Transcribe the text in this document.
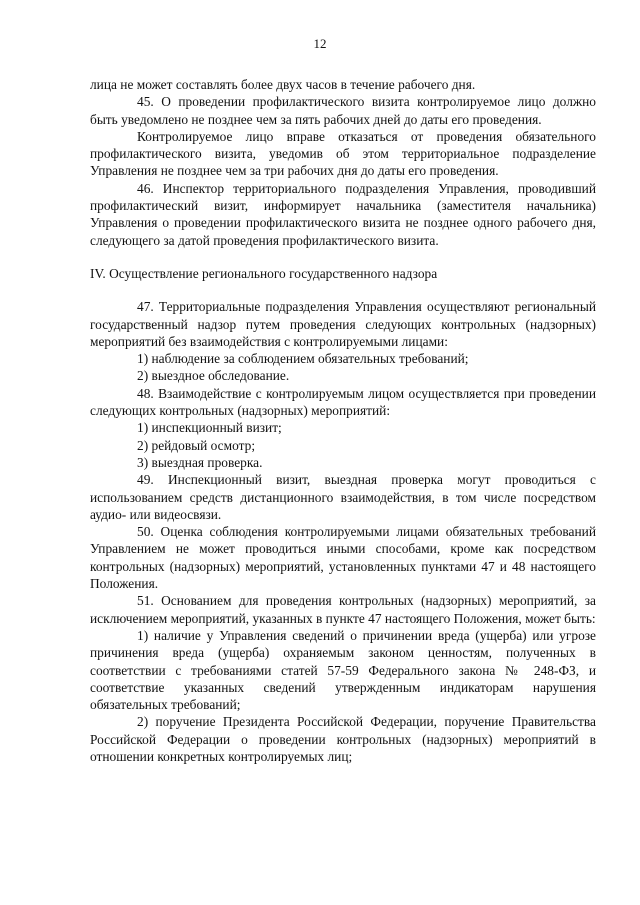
12

лица не может составлять более двух часов в течение рабочего дня.

45. О проведении профилактического визита контролируемое лицо должно быть уведомлено не позднее чем за пять рабочих дней до даты его проведения.

Контролируемое лицо вправе отказаться от проведения обязательного профилактического визита, уведомив об этом территориальное подразделение Управления не позднее чем за три рабочих дня до даты его проведения.

46. Инспектор территориального подразделения Управления, проводивший профилактический визит, информирует начальника (заместителя начальника) Управления о проведении профилактического визита не позднее одного рабочего дня, следующего за датой проведения профилактического визита.

IV. Осуществление регионального государственного надзора

47. Территориальные подразделения Управления осуществляют региональный государственный надзор путем проведения следующих контрольных (надзорных) мероприятий без взаимодействия с контролируемыми лицами:

1) наблюдение за соблюдением обязательных требований;

2) выездное обследование.

48. Взаимодействие с контролируемым лицом осуществляется при проведении следующих контрольных (надзорных) мероприятий:

1) инспекционный визит;

2) рейдовый осмотр;

3) выездная проверка.

49. Инспекционный визит, выездная проверка могут проводиться с использованием средств дистанционного взаимодействия, в том числе посредством аудио- или видеосвязи.

50. Оценка соблюдения контролируемыми лицами обязательных требований Управлением не может проводиться иными способами, кроме как посредством контрольных (надзорных) мероприятий, установленных пунктами 47 и 48 настоящего Положения.

51. Основанием для проведения контрольных (надзорных) мероприятий, за исключением мероприятий, указанных в пункте 47 настоящего Положения, может быть:

1) наличие у Управления сведений о причинении вреда (ущерба) или угрозе причинения вреда (ущерба) охраняемым законом ценностям, полученных в соответствии с требованиями статей 57-59 Федерального закона № 248-ФЗ, и соответствие указанных сведений утвержденным индикаторам нарушения обязательных требований;

2) поручение Президента Российской Федерации, поручение Правительства Российской Федерации о проведении контрольных (надзорных) мероприятий в отношении конкретных контролируемых лиц;
